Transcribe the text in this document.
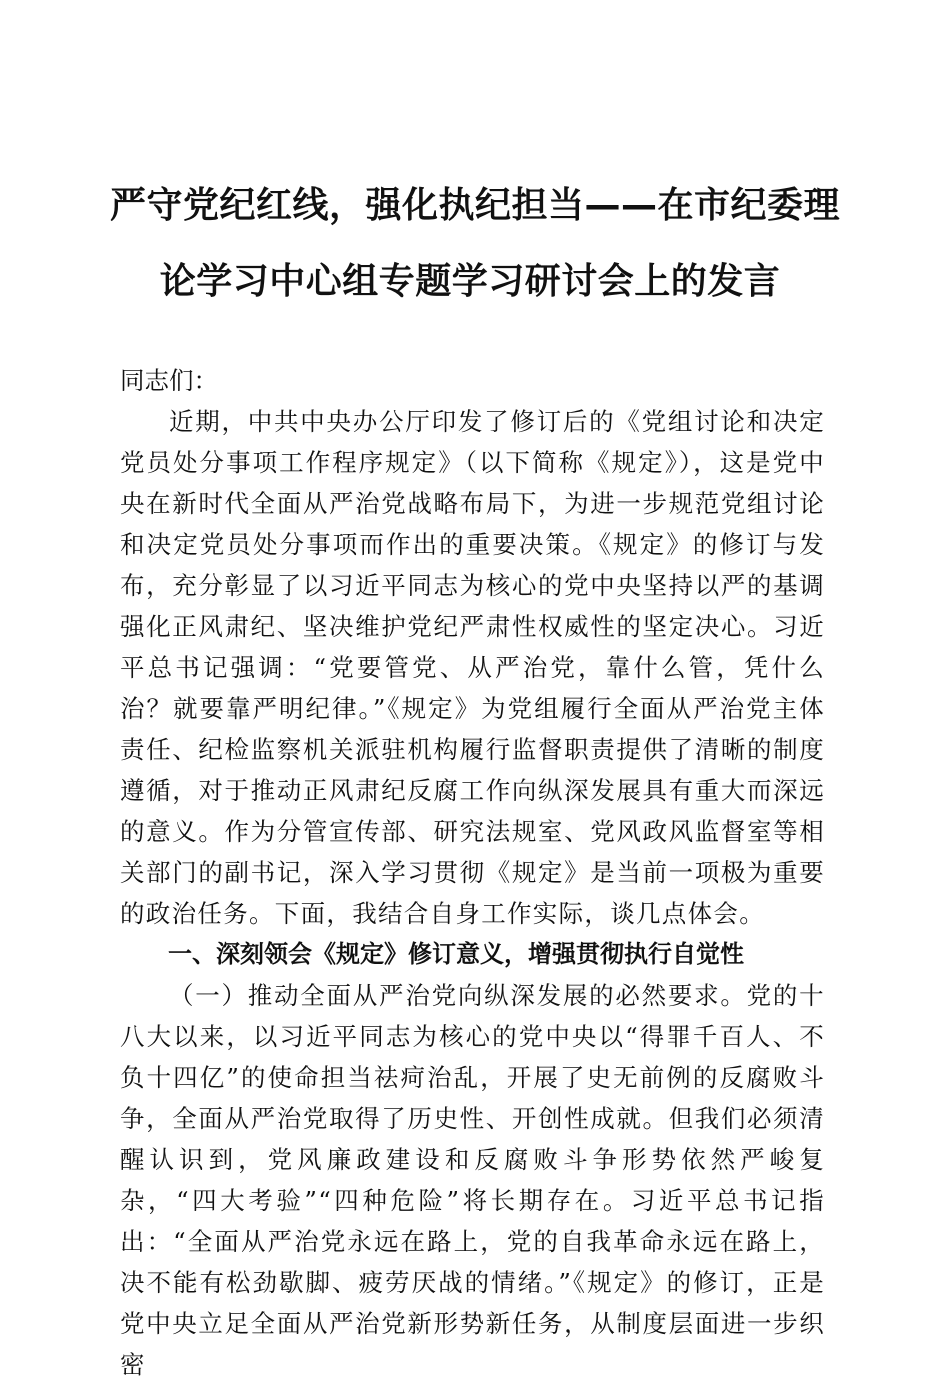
严守党纪红线，强化执纪担当——在市纪委理
论学习中心组专题学习研讨会上的发言

同志们：

近期，中共中央办公厅印发了修订后的《党组讨论和决定党员处分事项工作程序规定》（以下简称《规定》），这是党中央在新时代全面从严治党战略布局下，为进一步规范党组讨论和决定党员处分事项而作出的重要决策。《规定》的修订与发布，充分彰显了以习近平同志为核心的党中央坚持以严的基调强化正风肃纪、坚决维护党纪严肃性权威性的坚定决心。习近平总书记强调：“党要管党、从严治党，靠什么管，凭什么治？就要靠严明纪律。”《规定》为党组履行全面从严治党主体责任、纪检监察机关派驻机构履行监督职责提供了清晰的制度遵循，对于推动正风肃纪反腐工作向纵深发展具有重大而深远的意义。作为分管宣传部、研究法规室、党风政风监督室等相关部门的副书记，深入学习贯彻《规定》是当前一项极为重要的政治任务。下面，我结合自身工作实际，谈几点体会。

一、深刻领会《规定》修订意义，增强贯彻执行自觉性

（一）推动全面从严治党向纵深发展的必然要求。党的十八大以来，以习近平同志为核心的党中央以“得罪千百人、不负十四亿”的使命担当祛疴治乱，开展了史无前例的反腐败斗争，全面从严治党取得了历史性、开创性成就。但我们必须清醒认识到，党风廉政建设和反腐败斗争形势依然严峻复杂，“四大考验”“四种危险”将长期存在。习近平总书记指出：“全面从严治党永远在路上，党的自我革命永远在路上，决不能有松劲歇脚、疲劳厌战的情绪。”《规定》的修订，正是党中央立足全面从严治党新形势新任务，从制度层面进一步织密
